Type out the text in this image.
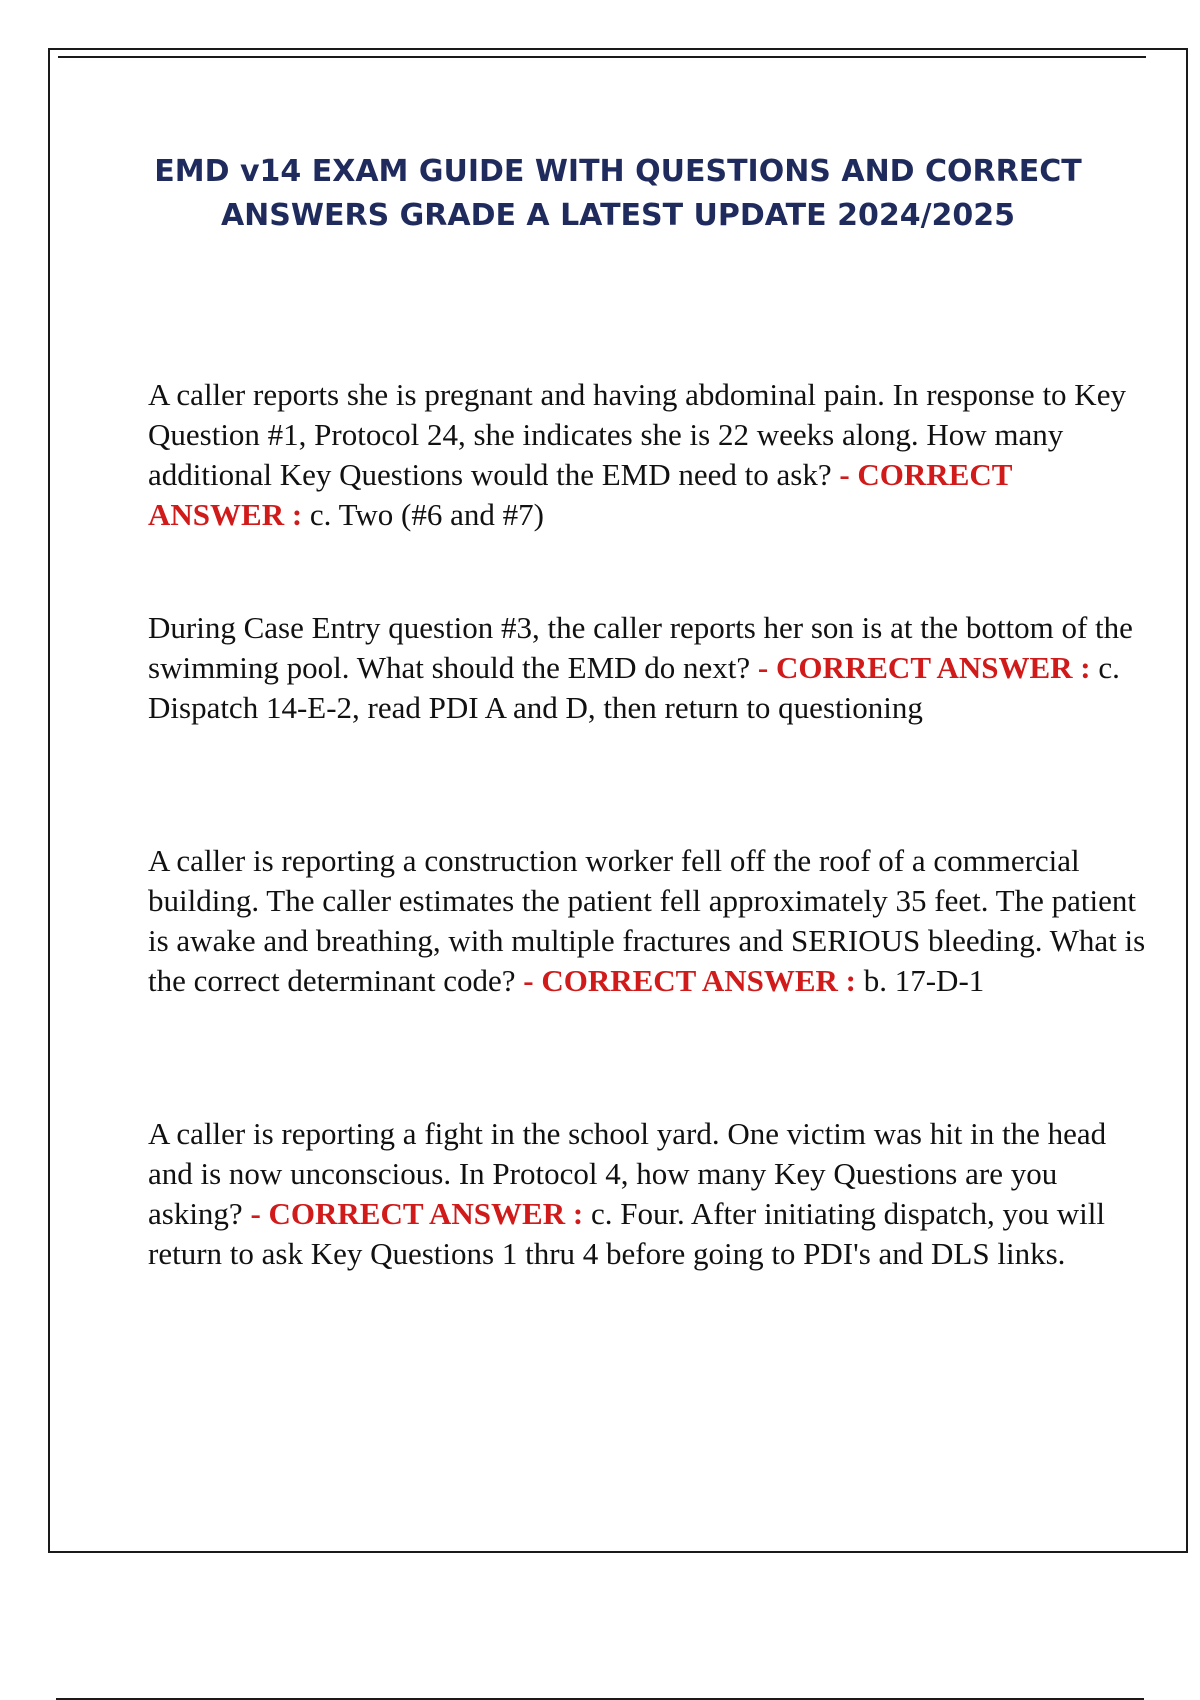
EMD v14 EXAM GUIDE WITH QUESTIONS AND CORRECT
ANSWERS GRADE A LATEST UPDATE 2024/2025

A caller reports she is pregnant and having abdominal pain. In response to Key Question #1, Protocol 24, she indicates she is 22 weeks along. How many additional Key Questions would the EMD need to ask? - CORRECT ANSWER : c. Two (#6 and #7)

During Case Entry question #3, the caller reports her son is at the bottom of the swimming pool. What should the EMD do next? - CORRECT ANSWER : c. Dispatch 14-E-2, read PDI A and D, then return to questioning

A caller is reporting a construction worker fell off the roof of a commercial building. The caller estimates the patient fell approximately 35 feet. The patient is awake and breathing, with multiple fractures and SERIOUS bleeding. What is the correct determinant code? - CORRECT ANSWER : b. 17-D-1

A caller is reporting a fight in the school yard. One victim was hit in the head and is now unconscious. In Protocol 4, how many Key Questions are you asking? - CORRECT ANSWER : c. Four. After initiating dispatch, you will return to ask Key Questions 1 thru 4 before going to PDI's and DLS links.
